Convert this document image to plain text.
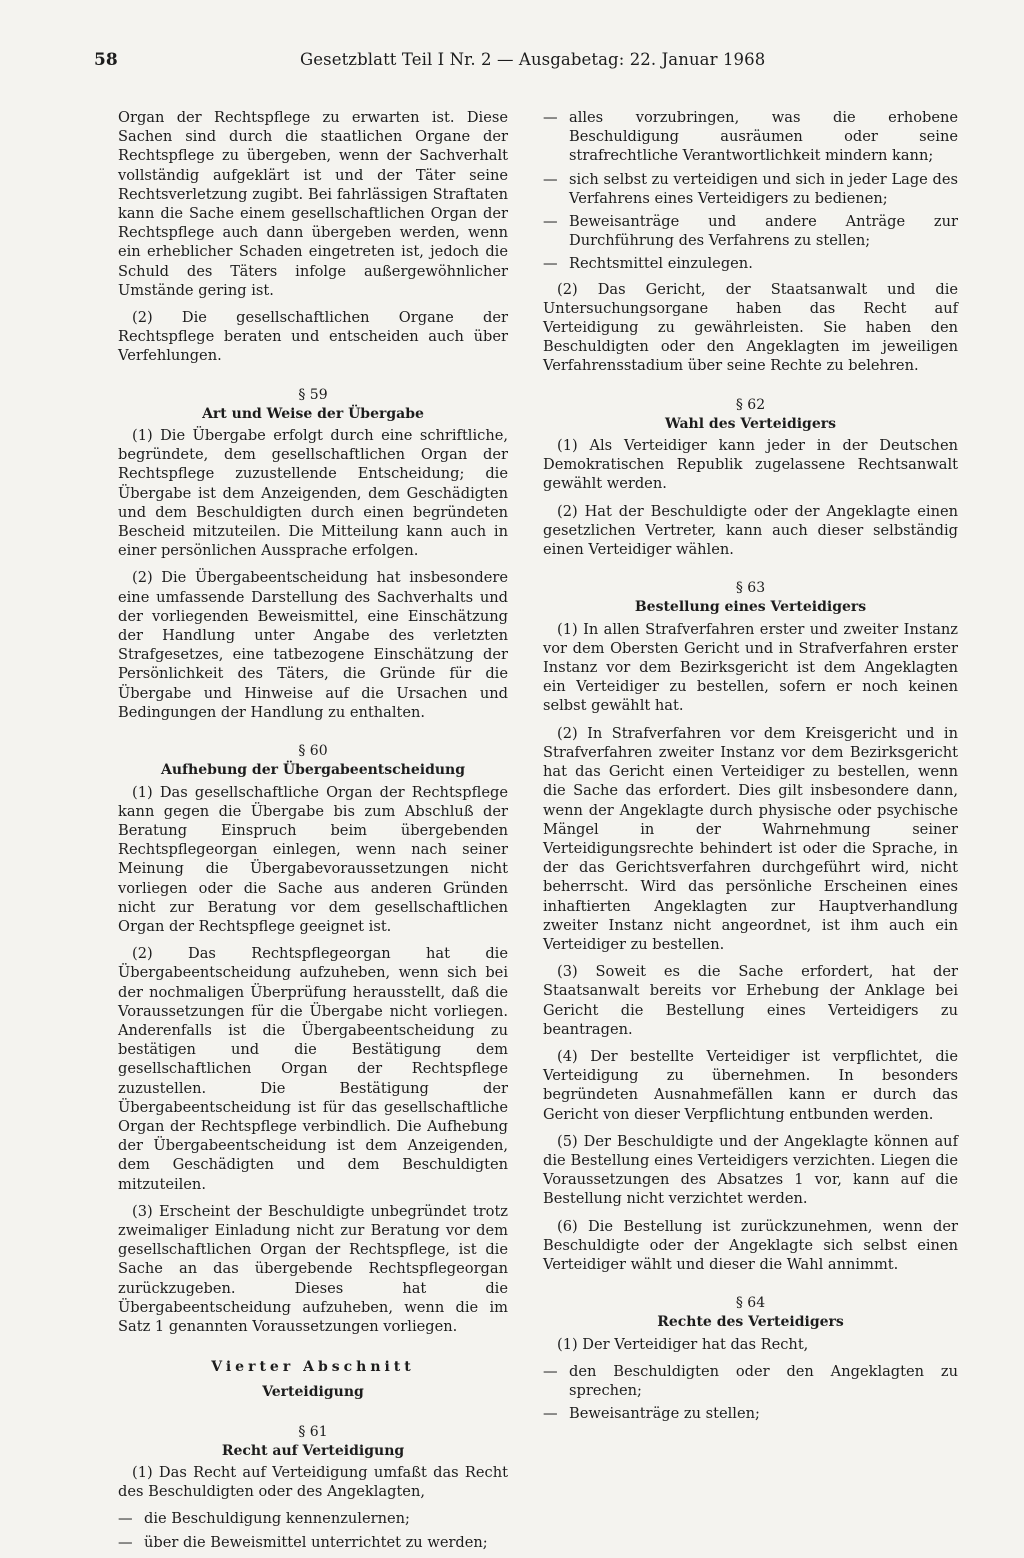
58	Gesetzblatt Teil I Nr. 2 — Ausgabetag: 22. Januar 1968

Organ der Rechtspflege zu erwarten ist. Diese Sachen sind durch die staatlichen Organe der Rechtspflege zu übergeben, wenn der Sachverhalt vollständig aufgeklärt ist und der Täter seine Rechtsverletzung zugibt. Bei fahrlässigen Straftaten kann die Sache einem gesellschaftlichen Organ der Rechtspflege auch dann übergeben werden, wenn ein erheblicher Schaden eingetreten ist, jedoch die Schuld des Täters infolge außergewöhnlicher Umstände gering ist.

(2) Die gesellschaftlichen Organe der Rechtspflege beraten und entscheiden auch über Verfehlungen.

§ 59
Art und Weise der Übergabe

(1) Die Übergabe erfolgt durch eine schriftliche, begründete, dem gesellschaftlichen Organ der Rechtspflege zuzustellende Entscheidung; die Übergabe ist dem Anzeigenden, dem Geschädigten und dem Beschuldigten durch einen begründeten Bescheid mitzuteilen. Die Mitteilung kann auch in einer persönlichen Aussprache erfolgen.

(2) Die Übergabeentscheidung hat insbesondere eine umfassende Darstellung des Sachverhalts und der vorliegenden Beweismittel, eine Einschätzung der Handlung unter Angabe des verletzten Strafgesetzes, eine tatbezogene Einschätzung der Persönlichkeit des Täters, die Gründe für die Übergabe und Hinweise auf die Ursachen und Bedingungen der Handlung zu enthalten.

§ 60
Aufhebung der Übergabeentscheidung

(1) Das gesellschaftliche Organ der Rechtspflege kann gegen die Übergabe bis zum Abschluß der Beratung Einspruch beim übergebenden Rechtspflegeorgan einlegen, wenn nach seiner Meinung die Übergabevoraussetzungen nicht vorliegen oder die Sache aus anderen Gründen nicht zur Beratung vor dem gesellschaftlichen Organ der Rechtspflege geeignet ist.

(2) Das Rechtspflegeorgan hat die Übergabeentscheidung aufzuheben, wenn sich bei der nochmaligen Überprüfung herausstellt, daß die Voraussetzungen für die Übergabe nicht vorliegen. Anderenfalls ist die Übergabeentscheidung zu bestätigen und die Bestätigung dem gesellschaftlichen Organ der Rechtspflege zuzustellen. Die Bestätigung der Übergabeentscheidung ist für das gesellschaftliche Organ der Rechtspflege verbindlich. Die Aufhebung der Übergabeentscheidung ist dem Anzeigenden, dem Geschädigten und dem Beschuldigten mitzuteilen.

(3) Erscheint der Beschuldigte unbegründet trotz zweimaliger Einladung nicht zur Beratung vor dem gesellschaftlichen Organ der Rechtspflege, ist die Sache an das übergebende Rechtspflegeorgan zurückzugeben. Dieses hat die Übergabeentscheidung aufzuheben, wenn die im Satz 1 genannten Voraussetzungen vorliegen.

Vierter Abschnitt
Verteidigung
§ 61
Recht auf Verteidigung

(1) Das Recht auf Verteidigung umfaßt das Recht des Beschuldigten oder des Angeklagten,

— die Beschuldigung kennenzulernen;
— über die Beweismittel unterrichtet zu werden;
— alles vorzubringen, was die erhobene Beschuldigung ausräumen oder seine strafrechtliche Verantwortlichkeit mindern kann;
— sich selbst zu verteidigen und sich in jeder Lage des Verfahrens eines Verteidigers zu bedienen;
— Beweisanträge und andere Anträge zur Durchführung des Verfahrens zu stellen;
— Rechtsmittel einzulegen.

(2) Das Gericht, der Staatsanwalt und die Untersuchungsorgane haben das Recht auf Verteidigung zu gewährleisten. Sie haben den Beschuldigten oder den Angeklagten im jeweiligen Verfahrensstadium über seine Rechte zu belehren.

§ 62
Wahl des Verteidigers

(1) Als Verteidiger kann jeder in der Deutschen Demokratischen Republik zugelassene Rechtsanwalt gewählt werden.

(2) Hat der Beschuldigte oder der Angeklagte einen gesetzlichen Vertreter, kann auch dieser selbständig einen Verteidiger wählen.

§ 63
Bestellung eines Verteidigers

(1) In allen Strafverfahren erster und zweiter Instanz vor dem Obersten Gericht und in Strafverfahren erster Instanz vor dem Bezirksgericht ist dem Angeklagten ein Verteidiger zu bestellen, sofern er noch keinen selbst gewählt hat.

(2) In Strafverfahren vor dem Kreisgericht und in Strafverfahren zweiter Instanz vor dem Bezirksgericht hat das Gericht einen Verteidiger zu bestellen, wenn die Sache das erfordert. Dies gilt insbesondere dann, wenn der Angeklagte durch physische oder psychische Mängel in der Wahrnehmung seiner Verteidigungsrechte behindert ist oder die Sprache, in der das Gerichtsverfahren durchgeführt wird, nicht beherrscht. Wird das persönliche Erscheinen eines inhaftierten Angeklagten zur Hauptverhandlung zweiter Instanz nicht angeordnet, ist ihm auch ein Verteidiger zu bestellen.

(3) Soweit es die Sache erfordert, hat der Staatsanwalt bereits vor Erhebung der Anklage bei Gericht die Bestellung eines Verteidigers zu beantragen.

(4) Der bestellte Verteidiger ist verpflichtet, die Verteidigung zu übernehmen. In besonders begründeten Ausnahmefällen kann er durch das Gericht von dieser Verpflichtung entbunden werden.

(5) Der Beschuldigte und der Angeklagte können auf die Bestellung eines Verteidigers verzichten. Liegen die Voraussetzungen des Absatzes 1 vor, kann auf die Bestellung nicht verzichtet werden.

(6) Die Bestellung ist zurückzunehmen, wenn der Beschuldigte oder der Angeklagte sich selbst einen Verteidiger wählt und dieser die Wahl annimmt.

§ 64
Rechte des Verteidigers

(1) Der Verteidiger hat das Recht,

— den Beschuldigten oder den Angeklagten zu sprechen;
— Beweisanträge zu stellen;
